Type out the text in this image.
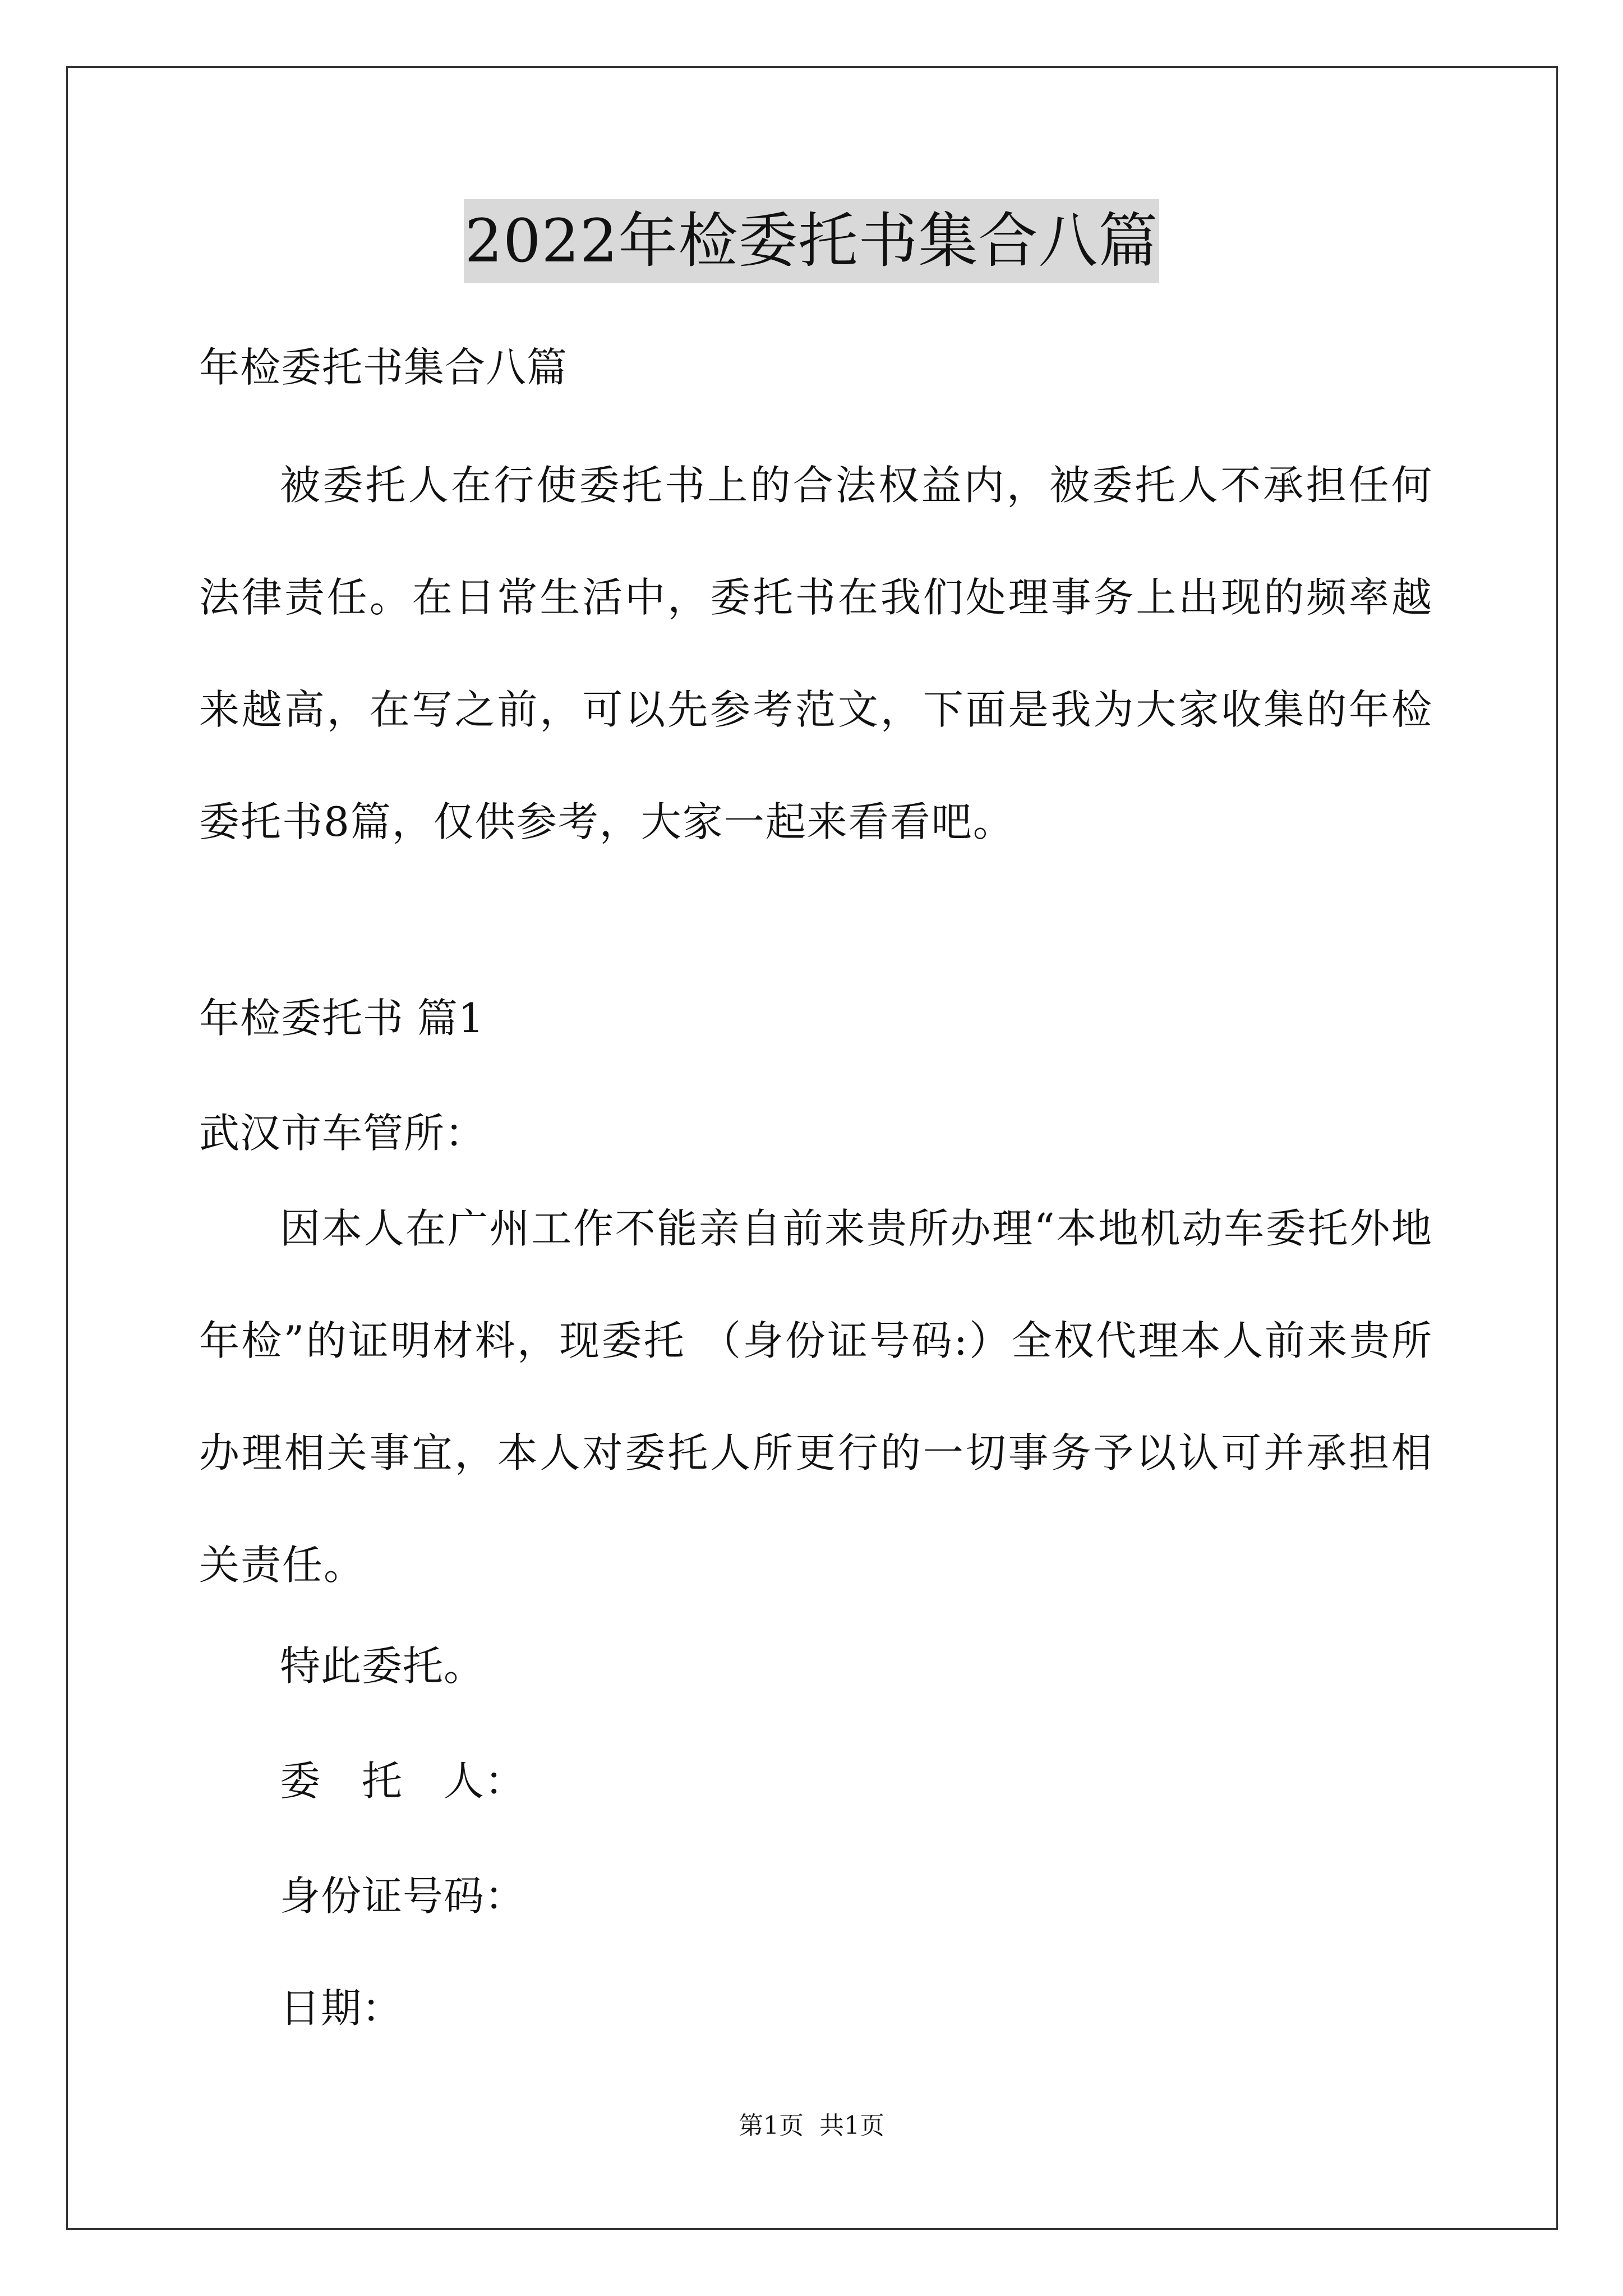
2022年检委托书集合八篇
年检委托书集合八篇
被委托人在行使委托书上的合法权益内，被委托人不承担任何法律责任。在日常生活中，委托书在我们处理事务上出现的频率越来越高，在写之前，可以先参考范文，下面是我为大家收集的年检委托书8篇，仅供参考，大家一起来看看吧。
年检委托书 篇1
武汉市车管所：
因本人在广州工作不能亲自前来贵所办理“本地机动车委托外地年检”的证明材料，现委托 （身份证号码:）全权代理本人前来贵所办理相关事宜，本人对委托人所更行的一切事务予以认可并承担相关责任。
特此委托。
委　托　人：
身份证号码：
日期：
第1页 共1页
